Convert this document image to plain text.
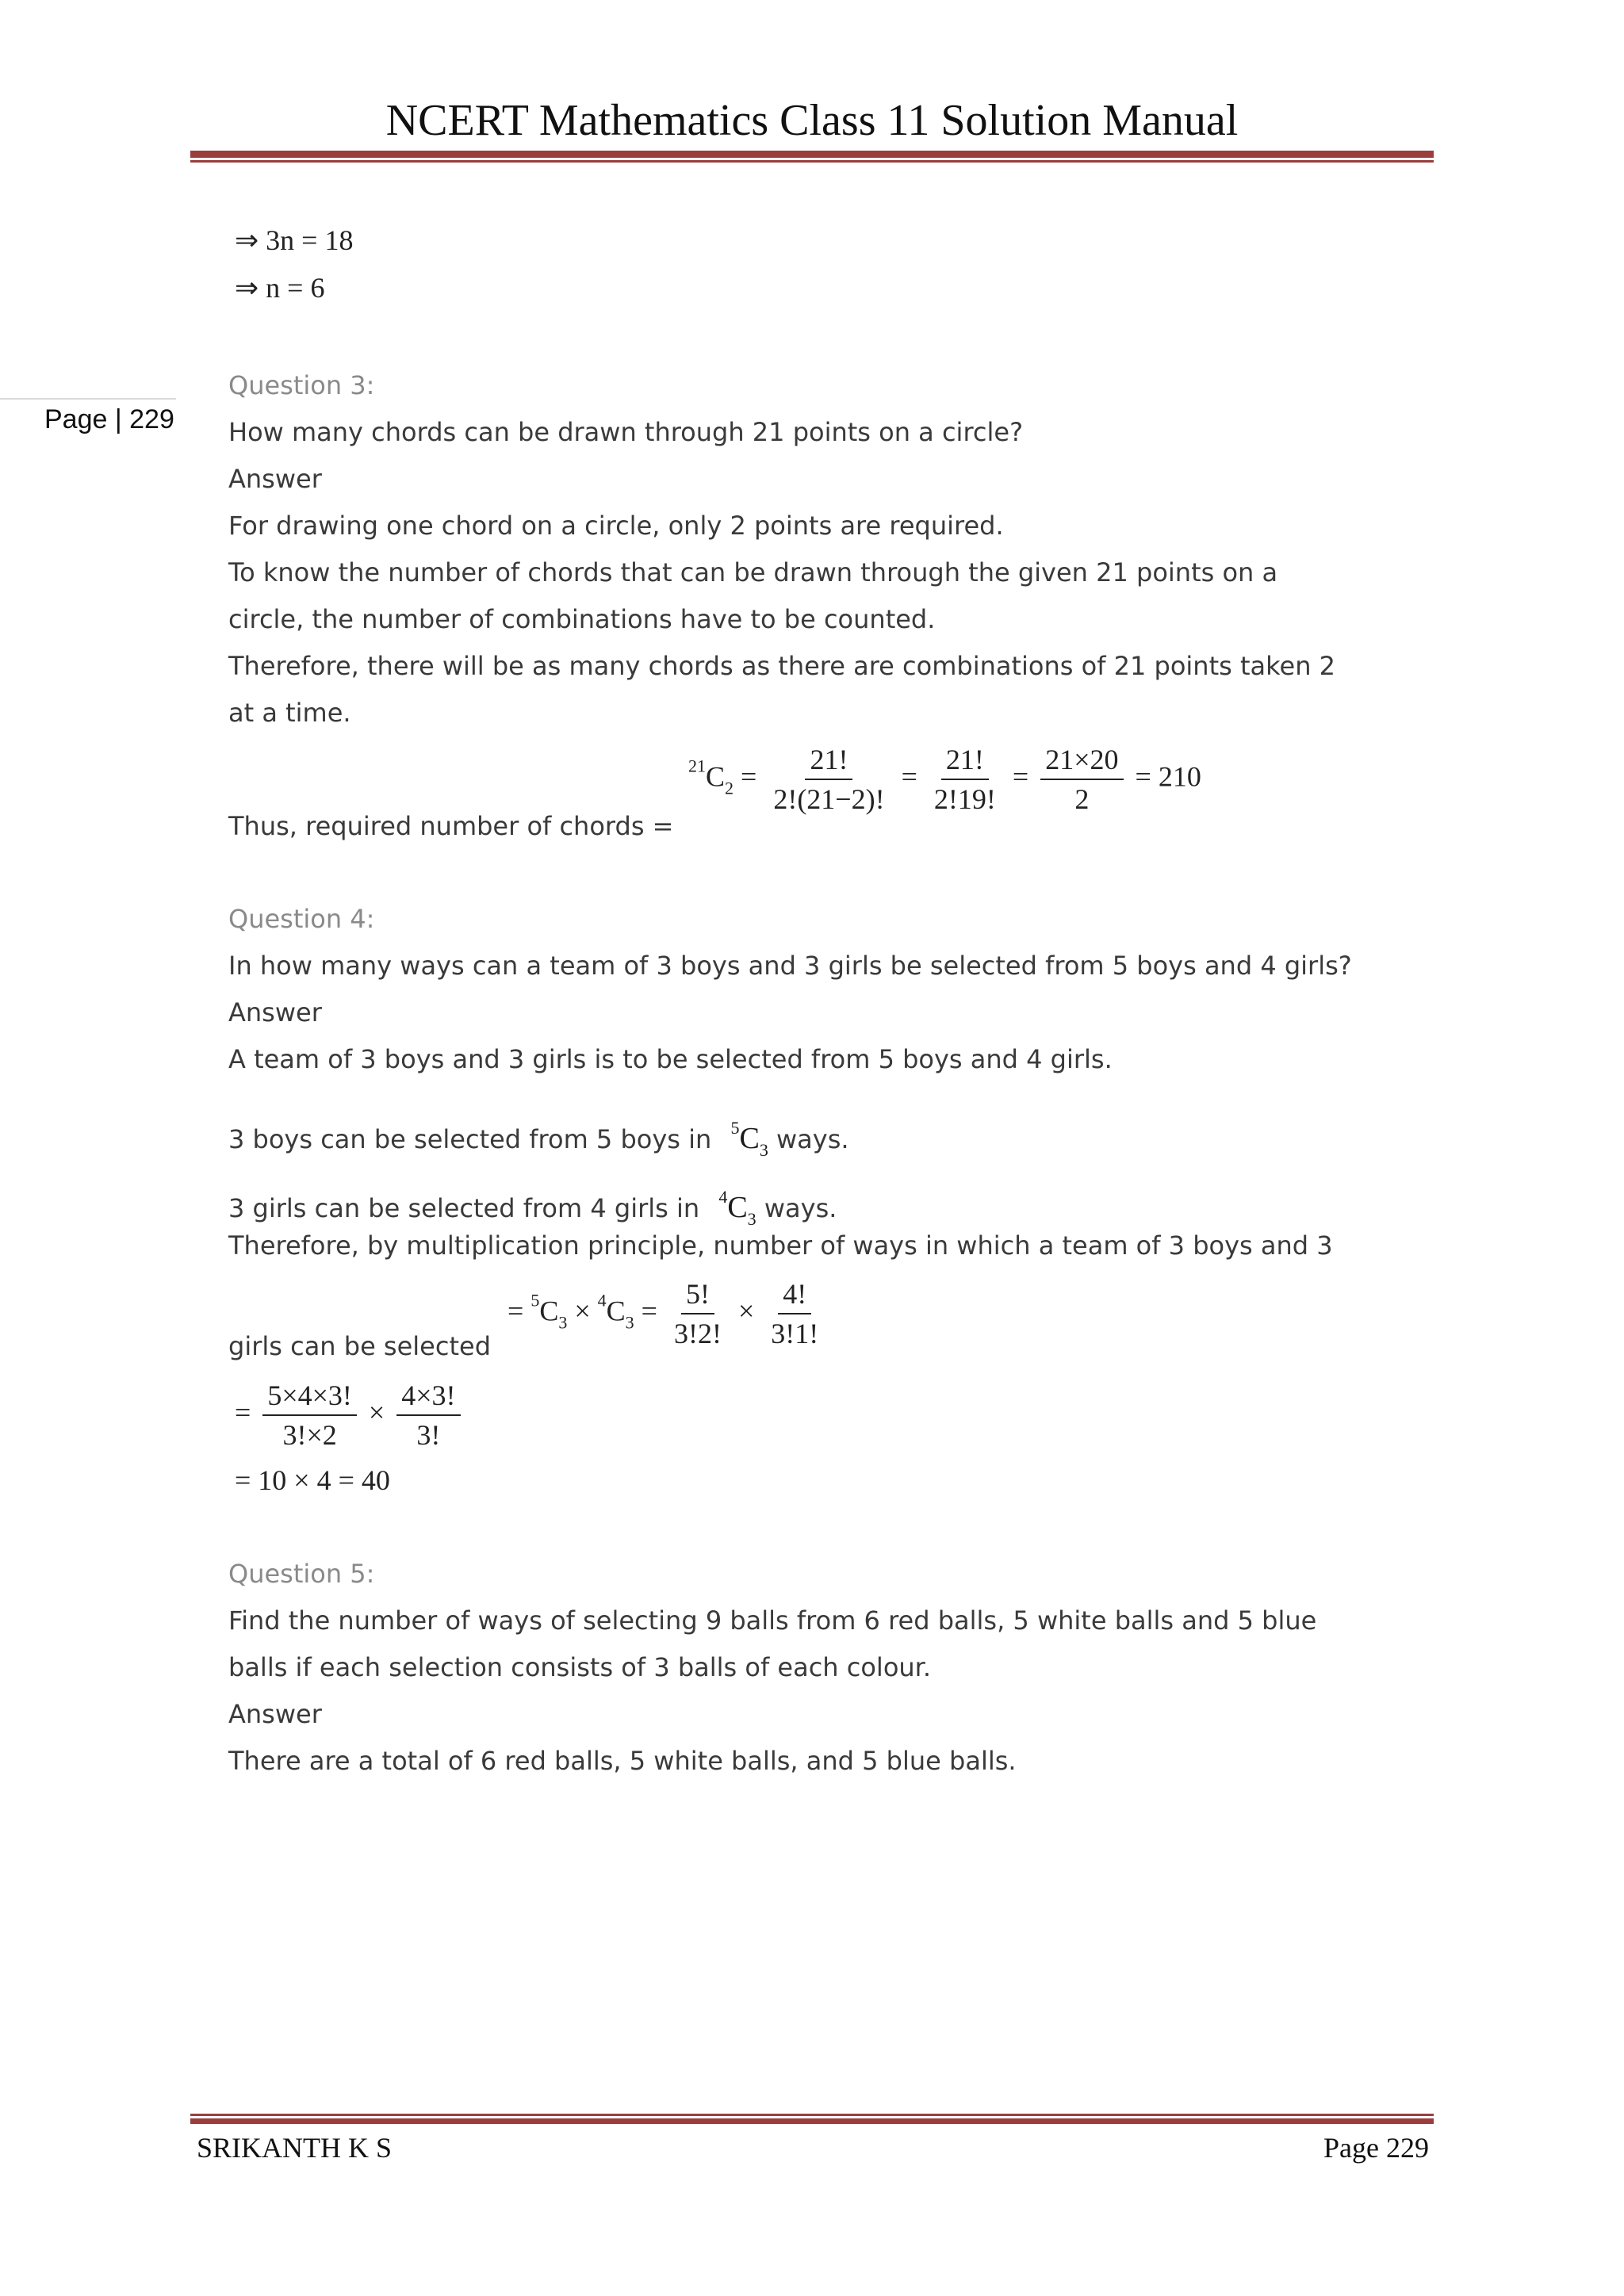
NCERT Mathematics Class 11 Solution Manual
Page | 229
⇒ 3n = 18
⇒ n = 6
Question 3:
How many chords can be drawn through 21 points on a circle?
Answer
For drawing one chord on a circle, only 2 points are required.
To know the number of chords that can be drawn through the given 21 points on a
circle, the number of combinations have to be counted.
Therefore, there will be as many chords as there are combinations of 21 points taken 2
at a time.
Thus, required number of chords =
$^{21}C_2 = \frac{21!}{2!(21-2)!} = \frac{21!}{2!19!} = \frac{21\times 20}{2} = 210$
Question 4:
In how many ways can a team of 3 boys and 3 girls be selected from 5 boys and 4 girls?
Answer
A team of 3 boys and 3 girls is to be selected from 5 boys and 4 girls.
3 boys can be selected from 5 boys in $^5C_3$ ways.
3 girls can be selected from 4 girls in $^4C_3$ ways.
Therefore, by multiplication principle, number of ways in which a team of 3 boys and 3
girls can be selected
= $^5C_3 \times ^4C_3 = \frac{5!}{3!2!} \times \frac{4!}{3!1!}$
= $\frac{5\times 4\times 3!}{3!\times 2} \times \frac{4\times 3!}{3!}$
= 10 × 4 = 40
Question 5:
Find the number of ways of selecting 9 balls from 6 red balls, 5 white balls and 5 blue
balls if each selection consists of 3 balls of each colour.
Answer
There are a total of 6 red balls, 5 white balls, and 5 blue balls.
SRIKANTH K S	Page 229
